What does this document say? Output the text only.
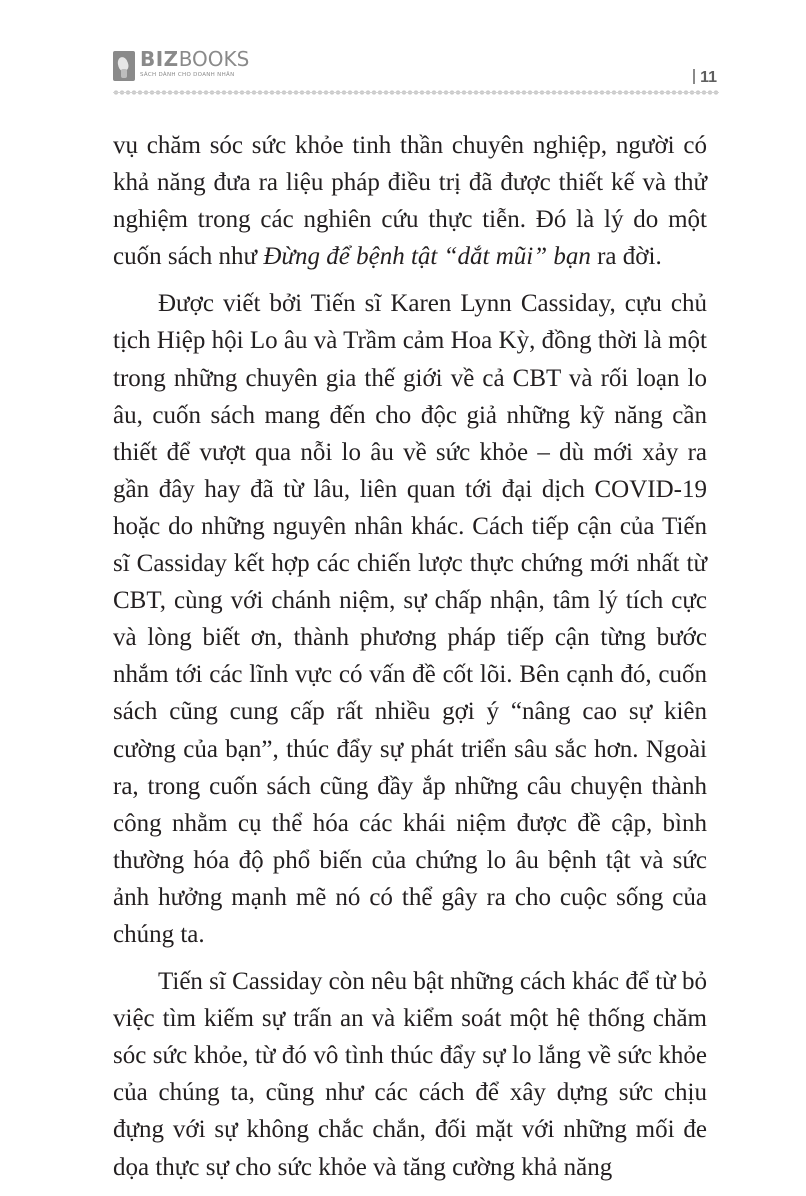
BIZBOOKS
SÁCH DÀNH CHO DOANH NHÂN	11

vụ chăm sóc sức khỏe tinh thần chuyên nghiệp, người có khả năng đưa ra liệu pháp điều trị đã được thiết kế và thử nghiệm trong các nghiên cứu thực tiễn. Đó là lý do một cuốn sách như Đừng để bệnh tật “dắt mũi” bạn ra đời.

Được viết bởi Tiến sĩ Karen Lynn Cassiday, cựu chủ tịch Hiệp hội Lo âu và Trầm cảm Hoa Kỳ, đồng thời là một trong những chuyên gia thế giới về cả CBT và rối loạn lo âu, cuốn sách mang đến cho độc giả những kỹ năng cần thiết để vượt qua nỗi lo âu về sức khỏe – dù mới xảy ra gần đây hay đã từ lâu, liên quan tới đại dịch COVID-19 hoặc do những nguyên nhân khác. Cách tiếp cận của Tiến sĩ Cassiday kết hợp các chiến lược thực chứng mới nhất từ CBT, cùng với chánh niệm, sự chấp nhận, tâm lý tích cực và lòng biết ơn, thành phương pháp tiếp cận từng bước nhắm tới các lĩnh vực có vấn đề cốt lõi. Bên cạnh đó, cuốn sách cũng cung cấp rất nhiều gợi ý “nâng cao sự kiên cường của bạn”, thúc đẩy sự phát triển sâu sắc hơn. Ngoài ra, trong cuốn sách cũng đầy ắp những câu chuyện thành công nhằm cụ thể hóa các khái niệm được đề cập, bình thường hóa độ phổ biến của chứng lo âu bệnh tật và sức ảnh hưởng mạnh mẽ nó có thể gây ra cho cuộc sống của chúng ta.

Tiến sĩ Cassiday còn nêu bật những cách khác để từ bỏ việc tìm kiếm sự trấn an và kiểm soát một hệ thống chăm sóc sức khỏe, từ đó vô tình thúc đẩy sự lo lắng về sức khỏe của chúng ta, cũng như các cách để xây dựng sức chịu đựng với sự không chắc chắn, đối mặt với những mối đe dọa thực sự cho sức khỏe và tăng cường khả năng
